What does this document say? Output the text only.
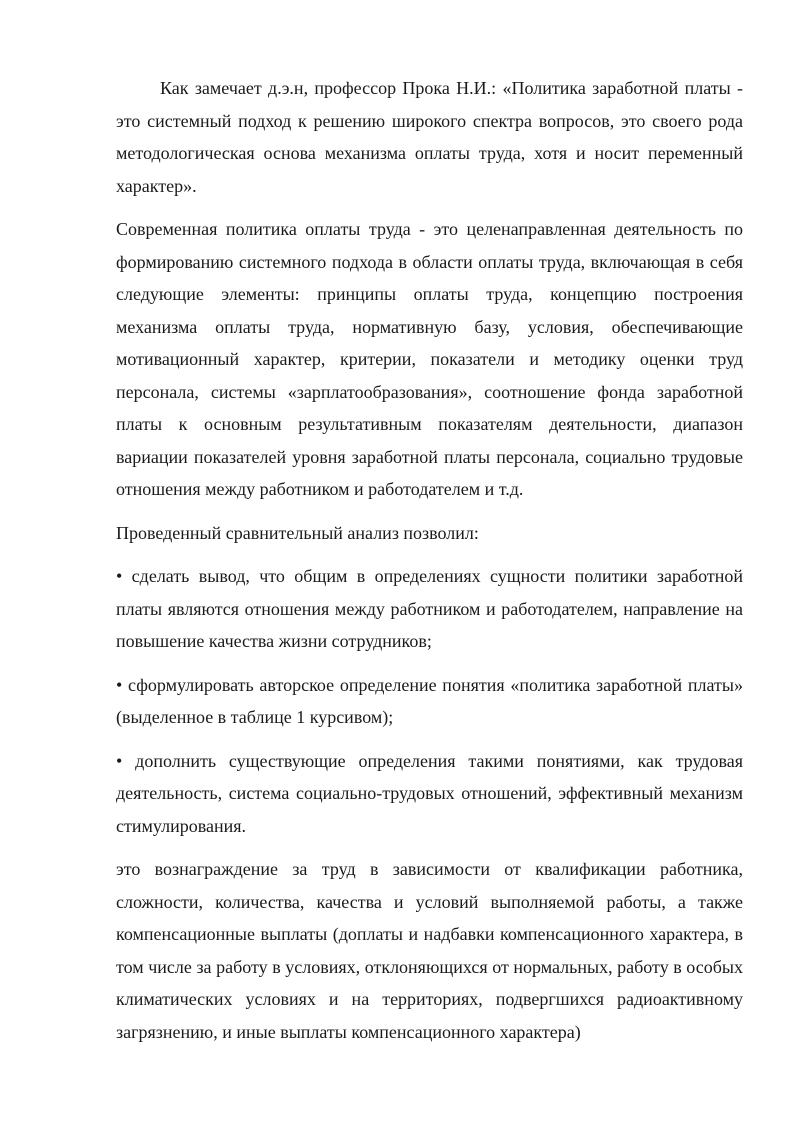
Как замечает д.э.н, профессор Прока Н.И.: «Политика заработной платы - это системный подход к решению широкого спектра вопросов, это своего рода методологическая основа механизма оплаты труда, хотя и носит переменный характер».

Современная политика оплаты труда - это целенаправленная деятельность по формированию системного подхода в области оплаты труда, включающая в себя следующие элементы: принципы оплаты труда, концепцию построения механизма оплаты труда, нормативную базу, условия, обеспечивающие мотивационный характер, критерии, показатели и методику оценки труд персонала, системы «зарплатообразования», соотношение фонда заработной платы к основным результативным показателям деятельности, диапазон вариации показателей уровня заработной платы персонала, социально трудовые отношения между работником и работодателем и т.д.

Проведенный сравнительный анализ позволил:

• сделать вывод, что общим в определениях сущности политики заработной платы являются отношения между работником и работодателем, направление на повышение качества жизни сотрудников;

• сформулировать авторское определение понятия «политика заработной платы» (выделенное в таблице 1 курсивом);

• дополнить существующие определения такими понятиями, как трудовая деятельность, система социально-трудовых отношений, эффективный механизм стимулирования.

это вознаграждение за труд в зависимости от квалификации работника, сложности, количества, качества и условий выполняемой работы, а также компенсационные выплаты (доплаты и надбавки компенсационного характера, в том числе за работу в условиях, отклоняющихся от нормальных, работу в особых климатических условиях и на территориях, подвергшихся радиоактивному загрязнению, и иные выплаты компенсационного характера)
